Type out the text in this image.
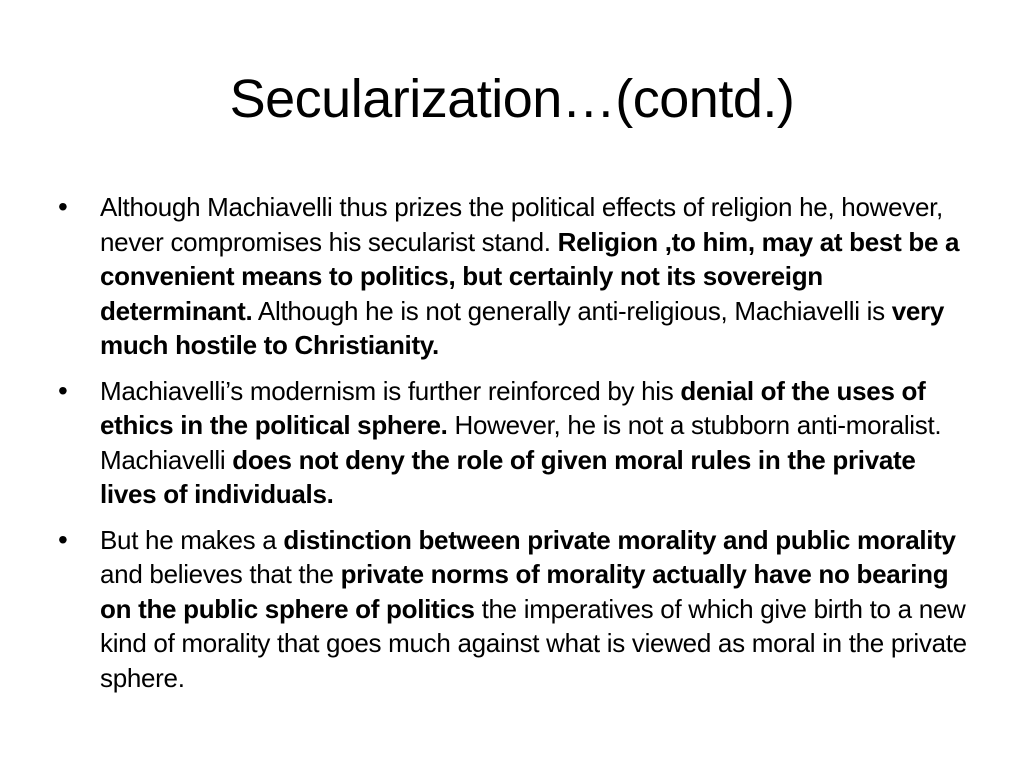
Secularization…(contd.)
• Although Machiavelli thus prizes the political effects of religion he, however, never compromises his secularist stand. Religion ,to him, may at best be a convenient means to politics, but certainly not its sovereign determinant. Although he is not generally anti-religious, Machiavelli is very much hostile to Christianity.
• Machiavelli’s modernism is further reinforced by his denial of the uses of ethics in the political sphere. However, he is not a stubborn anti-moralist. Machiavelli does not deny the role of given moral rules in the private lives of individuals.
• But he makes a distinction between private morality and public morality and believes that the private norms of morality actually have no bearing on the public sphere of politics the imperatives of which give birth to a new kind of morality that goes much against what is viewed as moral in the private sphere.
